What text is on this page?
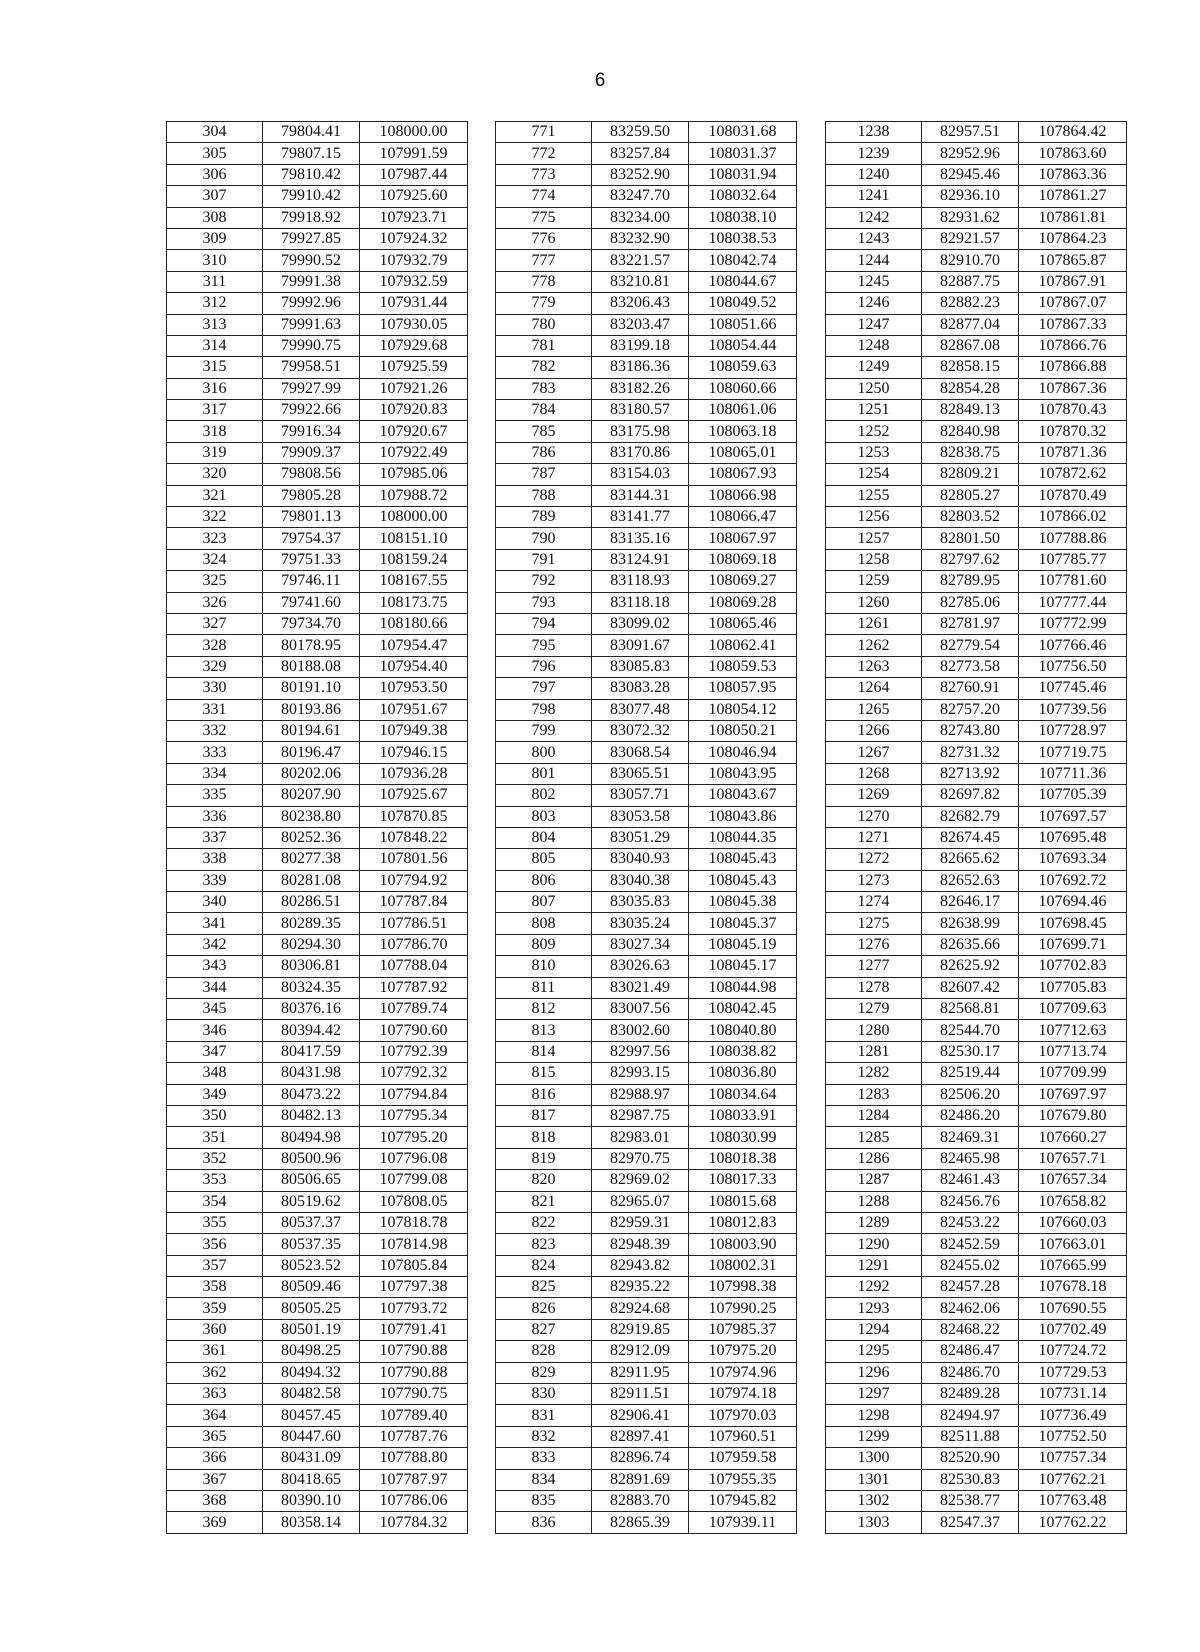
6
304	79804.41	108000.00
305	79807.15	107991.59
306	79810.42	107987.44
307	79910.42	107925.60
308	79918.92	107923.71
309	79927.85	107924.32
310	79990.52	107932.79
311	79991.38	107932.59
312	79992.96	107931.44
313	79991.63	107930.05
314	79990.75	107929.68
315	79958.51	107925.59
316	79927.99	107921.26
317	79922.66	107920.83
318	79916.34	107920.67
319	79909.37	107922.49
320	79808.56	107985.06
321	79805.28	107988.72
322	79801.13	108000.00
323	79754.37	108151.10
324	79751.33	108159.24
325	79746.11	108167.55
326	79741.60	108173.75
327	79734.70	108180.66
328	80178.95	107954.47
329	80188.08	107954.40
330	80191.10	107953.50
331	80193.86	107951.67
332	80194.61	107949.38
333	80196.47	107946.15
334	80202.06	107936.28
335	80207.90	107925.67
336	80238.80	107870.85
337	80252.36	107848.22
338	80277.38	107801.56
339	80281.08	107794.92
340	80286.51	107787.84
341	80289.35	107786.51
342	80294.30	107786.70
343	80306.81	107788.04
344	80324.35	107787.92
345	80376.16	107789.74
346	80394.42	107790.60
347	80417.59	107792.39
348	80431.98	107792.32
349	80473.22	107794.84
350	80482.13	107795.34
351	80494.98	107795.20
352	80500.96	107796.08
353	80506.65	107799.08
354	80519.62	107808.05
355	80537.37	107818.78
356	80537.35	107814.98
357	80523.52	107805.84
358	80509.46	107797.38
359	80505.25	107793.72
360	80501.19	107791.41
361	80498.25	107790.88
362	80494.32	107790.88
363	80482.58	107790.75
364	80457.45	107789.40
365	80447.60	107787.76
366	80431.09	107788.80
367	80418.65	107787.97
368	80390.10	107786.06
369	80358.14	107784.32
771	83259.50	108031.68
772	83257.84	108031.37
773	83252.90	108031.94
774	83247.70	108032.64
775	83234.00	108038.10
776	83232.90	108038.53
777	83221.57	108042.74
778	83210.81	108044.67
779	83206.43	108049.52
780	83203.47	108051.66
781	83199.18	108054.44
782	83186.36	108059.63
783	83182.26	108060.66
784	83180.57	108061.06
785	83175.98	108063.18
786	83170.86	108065.01
787	83154.03	108067.93
788	83144.31	108066.98
789	83141.77	108066.47
790	83135.16	108067.97
791	83124.91	108069.18
792	83118.93	108069.27
793	83118.18	108069.28
794	83099.02	108065.46
795	83091.67	108062.41
796	83085.83	108059.53
797	83083.28	108057.95
798	83077.48	108054.12
799	83072.32	108050.21
800	83068.54	108046.94
801	83065.51	108043.95
802	83057.71	108043.67
803	83053.58	108043.86
804	83051.29	108044.35
805	83040.93	108045.43
806	83040.38	108045.43
807	83035.83	108045.38
808	83035.24	108045.37
809	83027.34	108045.19
810	83026.63	108045.17
811	83021.49	108044.98
812	83007.56	108042.45
813	83002.60	108040.80
814	82997.56	108038.82
815	82993.15	108036.80
816	82988.97	108034.64
817	82987.75	108033.91
818	82983.01	108030.99
819	82970.75	108018.38
820	82969.02	108017.33
821	82965.07	108015.68
822	82959.31	108012.83
823	82948.39	108003.90
824	82943.82	108002.31
825	82935.22	107998.38
826	82924.68	107990.25
827	82919.85	107985.37
828	82912.09	107975.20
829	82911.95	107974.96
830	82911.51	107974.18
831	82906.41	107970.03
832	82897.41	107960.51
833	82896.74	107959.58
834	82891.69	107955.35
835	82883.70	107945.82
836	82865.39	107939.11
1238	82957.51	107864.42
1239	82952.96	107863.60
1240	82945.46	107863.36
1241	82936.10	107861.27
1242	82931.62	107861.81
1243	82921.57	107864.23
1244	82910.70	107865.87
1245	82887.75	107867.91
1246	82882.23	107867.07
1247	82877.04	107867.33
1248	82867.08	107866.76
1249	82858.15	107866.88
1250	82854.28	107867.36
1251	82849.13	107870.43
1252	82840.98	107870.32
1253	82838.75	107871.36
1254	82809.21	107872.62
1255	82805.27	107870.49
1256	82803.52	107866.02
1257	82801.50	107788.86
1258	82797.62	107785.77
1259	82789.95	107781.60
1260	82785.06	107777.44
1261	82781.97	107772.99
1262	82779.54	107766.46
1263	82773.58	107756.50
1264	82760.91	107745.46
1265	82757.20	107739.56
1266	82743.80	107728.97
1267	82731.32	107719.75
1268	82713.92	107711.36
1269	82697.82	107705.39
1270	82682.79	107697.57
1271	82674.45	107695.48
1272	82665.62	107693.34
1273	82652.63	107692.72
1274	82646.17	107694.46
1275	82638.99	107698.45
1276	82635.66	107699.71
1277	82625.92	107702.83
1278	82607.42	107705.83
1279	82568.81	107709.63
1280	82544.70	107712.63
1281	82530.17	107713.74
1282	82519.44	107709.99
1283	82506.20	107697.97
1284	82486.20	107679.80
1285	82469.31	107660.27
1286	82465.98	107657.71
1287	82461.43	107657.34
1288	82456.76	107658.82
1289	82453.22	107660.03
1290	82452.59	107663.01
1291	82455.02	107665.99
1292	82457.28	107678.18
1293	82462.06	107690.55
1294	82468.22	107702.49
1295	82486.47	107724.72
1296	82486.70	107729.53
1297	82489.28	107731.14
1298	82494.97	107736.49
1299	82511.88	107752.50
1300	82520.90	107757.34
1301	82530.83	107762.21
1302	82538.77	107763.48
1303	82547.37	107762.22
